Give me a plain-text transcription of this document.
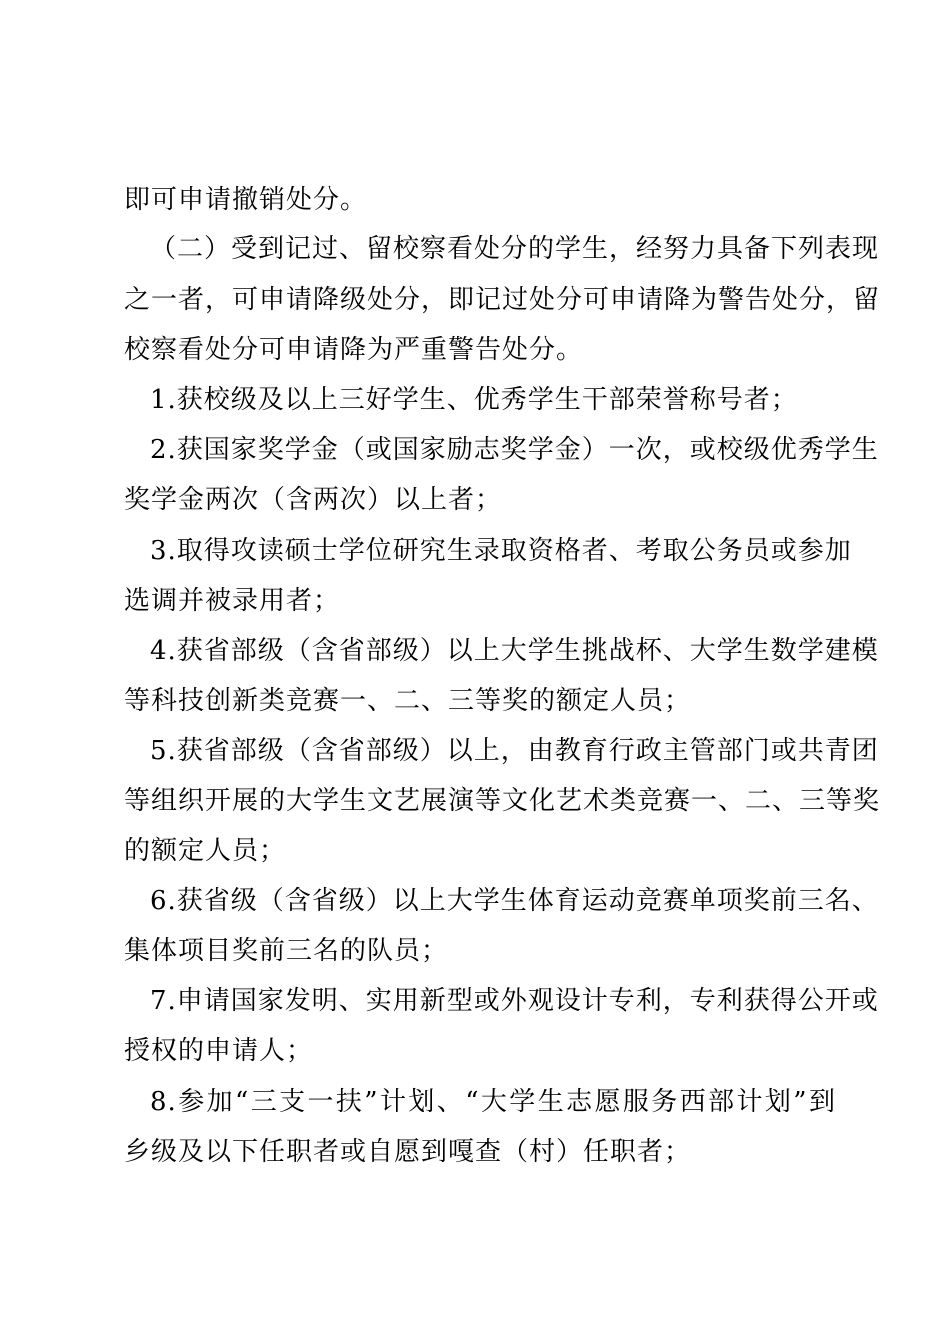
即可申请撤销处分。
（二）受到记过、留校察看处分的学生，经努力具备下列表现
之一者，可申请降级处分，即记过处分可申请降为警告处分，留
校察看处分可申请降为严重警告处分。
1.获校级及以上三好学生、优秀学生干部荣誉称号者；
2.获国家奖学金（或国家励志奖学金）一次，或校级优秀学生
奖学金两次（含两次）以上者；
3.取得攻读硕士学位研究生录取资格者、考取公务员或参加
选调并被录用者；
4.获省部级（含省部级）以上大学生挑战杯、大学生数学建模
等科技创新类竞赛一、二、三等奖的额定人员；
5.获省部级（含省部级）以上，由教育行政主管部门或共青团
等组织开展的大学生文艺展演等文化艺术类竞赛一、二、三等奖
的额定人员；
6.获省级（含省级）以上大学生体育运动竞赛单项奖前三名、
集体项目奖前三名的队员；
7.申请国家发明、实用新型或外观设计专利，专利获得公开或
授权的申请人；
8.参加“三支一扶”计划、“大学生志愿服务西部计划”到
乡级及以下任职者或自愿到嘎查（村）任职者；
